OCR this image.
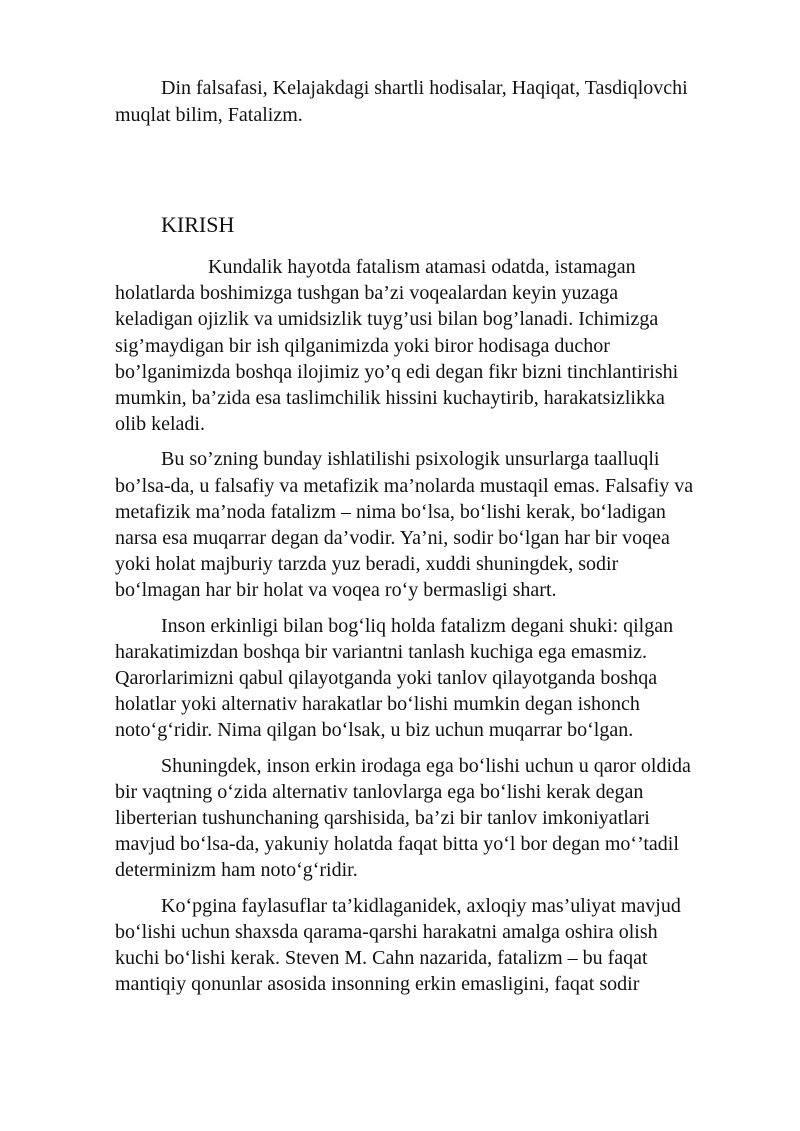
Din falsafasi, Kelajakdagi shartli hodisalar, Haqiqat, Tasdiqlovchi muqlat bilim, Fatalizm.

KIRISH

Kundalik hayotda fatalism atamasi odatda, istamagan
holatlarda boshimizga tushgan ba’zi voqealardan keyin yuzaga
keladigan ojizlik va umidsizlik tuyg’usi bilan bog’lanadi. Ichimizga
sig’maydigan bir ish qilganimizda yoki biror hodisaga duchor
bo’lganimizda boshqa ilojimiz yo’q edi degan fikr bizni tinchlantirishi
mumkin, ba’zida esa taslimchilik hissini kuchaytirib, harakatsizlikka
olib keladi.

Bu so’zning bunday ishlatilishi psixologik unsurlarga taalluqli
bo’lsa-da, u falsafiy va metafizik ma’nolarda mustaqil emas. Falsafiy va
metafizik ma’noda fatalizm – nima bo‘lsa, bo‘lishi kerak, bo‘ladigan
narsa esa muqarrar degan da’vodir. Ya’ni, sodir bo‘lgan har bir voqea
yoki holat majburiy tarzda yuz beradi, xuddi shuningdek, sodir
bo‘lmagan har bir holat va voqea ro‘y bermasligi shart.

Inson erkinligi bilan bog‘liq holda fatalizm degani shuki: qilgan
harakatimizdan boshqa bir variantni tanlash kuchiga ega emasmiz.
Qarorlarimizni qabul qilayotganda yoki tanlov qilayotganda boshqa
holatlar yoki alternativ harakatlar bo‘lishi mumkin degan ishonch
noto‘g‘ridir. Nima qilgan bo‘lsak, u biz uchun muqarrar bo‘lgan.

Shuningdek, inson erkin irodaga ega bo‘lishi uchun u qaror oldida
bir vaqtning o‘zida alternativ tanlovlarga ega bo‘lishi kerak degan
liberterian tushunchaning qarshisida, ba’zi bir tanlov imkoniyatlari
mavjud bo‘lsa-da, yakuniy holatda faqat bitta yo‘l bor degan mo‘’tadil
determinizm ham noto‘g‘ridir.

Ko‘pgina faylasuflar ta’kidlaganidek, axloqiy mas’uliyat mavjud
bo‘lishi uchun shaxsda qarama-qarshi harakatni amalga oshira olish
kuchi bo‘lishi kerak. Steven M. Cahn nazarida, fatalizm – bu faqat
mantiqiy qonunlar asosida insonning erkin emasligini, faqat sodir
